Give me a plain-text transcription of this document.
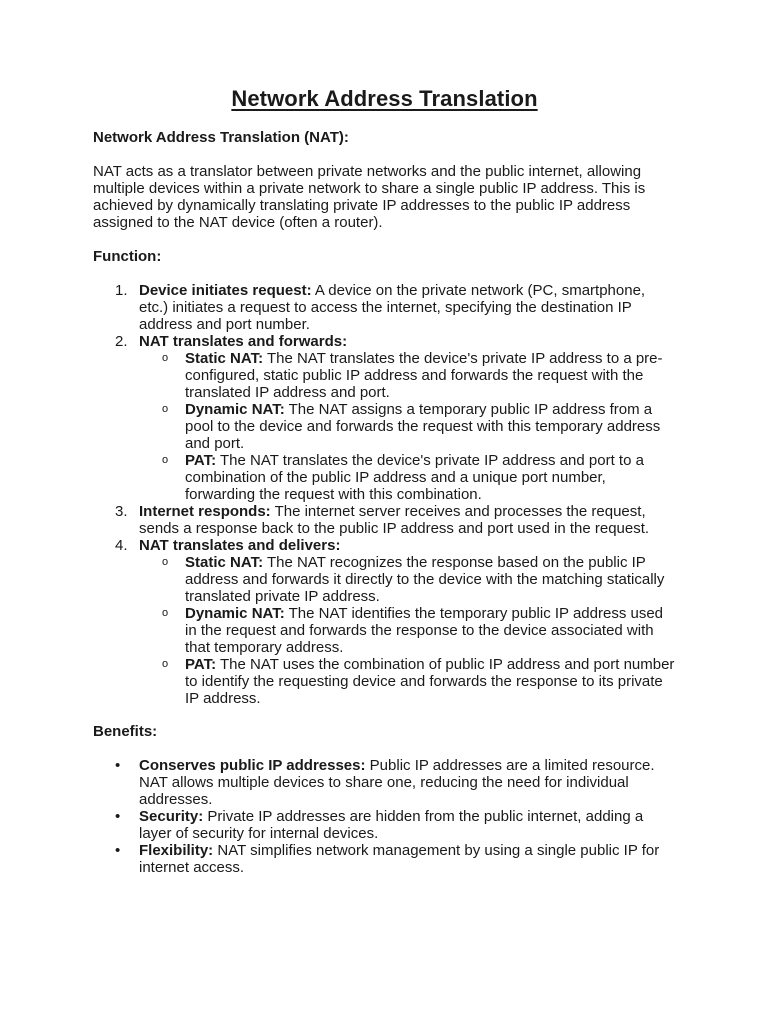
Network Address Translation

Network Address Translation (NAT):

NAT acts as a translator between private networks and the public internet, allowing multiple devices within a private network to share a single public IP address. This is achieved by dynamically translating private IP addresses to the public IP address assigned to the NAT device (often a router).

Function:

1. Device initiates request: A device on the private network (PC, smartphone, etc.) initiates a request to access the internet, specifying the destination IP address and port number.
2. NAT translates and forwards:
o Static NAT: The NAT translates the device's private IP address to a pre-configured, static public IP address and forwards the request with the translated IP address and port.
o Dynamic NAT: The NAT assigns a temporary public IP address from a pool to the device and forwards the request with this temporary address and port.
o PAT: The NAT translates the device's private IP address and port to a combination of the public IP address and a unique port number, forwarding the request with this combination.
3. Internet responds: The internet server receives and processes the request, sends a response back to the public IP address and port used in the request.
4. NAT translates and delivers:
o Static NAT: The NAT recognizes the response based on the public IP address and forwards it directly to the device with the matching statically translated private IP address.
o Dynamic NAT: The NAT identifies the temporary public IP address used in the request and forwards the response to the device associated with that temporary address.
o PAT: The NAT uses the combination of public IP address and port number to identify the requesting device and forwards the response to its private IP address.

Benefits:

•	Conserves public IP addresses: Public IP addresses are a limited resource. NAT allows multiple devices to share one, reducing the need for individual addresses.
•	Security: Private IP addresses are hidden from the public internet, adding a layer of security for internal devices.
•	Flexibility: NAT simplifies network management by using a single public IP for internet access.
